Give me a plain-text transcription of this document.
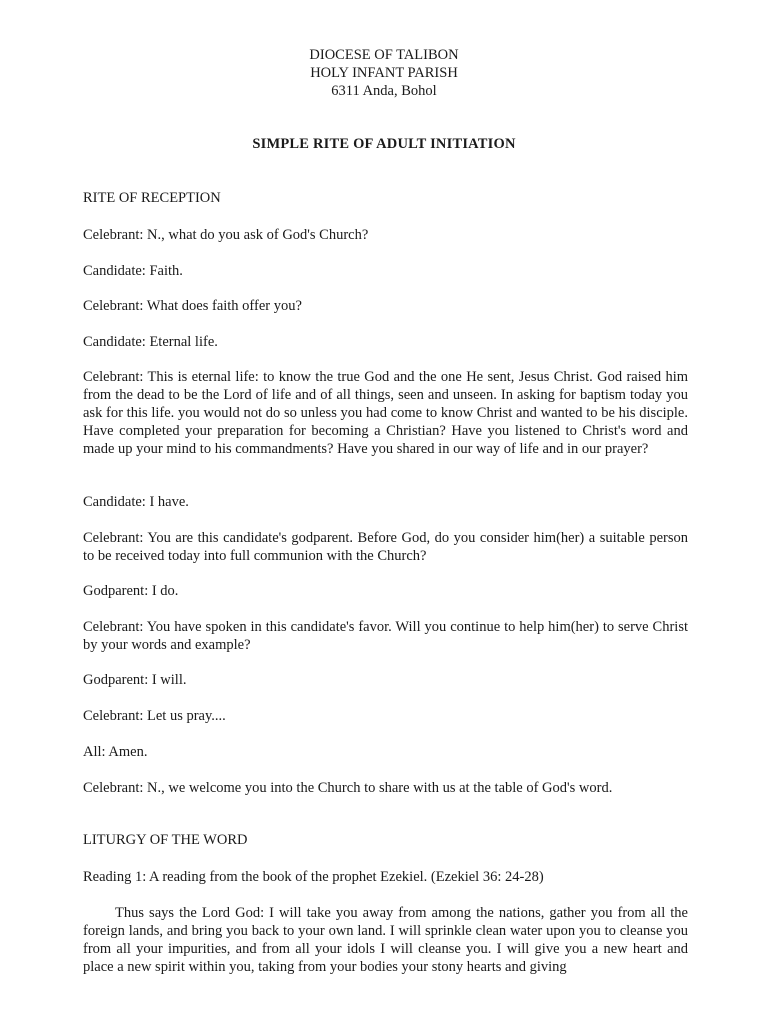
DIOCESE OF TALIBON
HOLY INFANT PARISH
6311 Anda, Bohol
SIMPLE RITE OF ADULT INITIATION
RITE OF RECEPTION

Celebrant: N., what do you ask of God's Church?

Candidate: Faith.

Celebrant: What does faith offer you?

Candidate: Eternal life.

Celebrant: This is eternal life: to know the true God and the one He sent, Jesus Christ. God raised him from the dead to be the Lord of life and of all things, seen and unseen. In asking for baptism today you ask for this life. you would not do so unless you had come to know Christ and wanted to be his disciple. Have completed your preparation for becoming a Christian? Have you listened to Christ's word and made up your mind to his commandments? Have you shared in our way of life and in our prayer?

Candidate: I have.

Celebrant: You are this candidate's godparent. Before God, do you consider him(her) a suitable person to be received today into full communion with the Church?

Godparent: I do.

Celebrant: You have spoken in this candidate's favor. Will you continue to help him(her) to serve Christ by your words and example?

Godparent: I will.

Celebrant: Let us pray....

All: Amen.

Celebrant: N., we welcome you into the Church to share with us at the table of God's word.

LITURGY OF THE WORD

Reading 1: A reading from the book of the prophet Ezekiel. (Ezekiel 36: 24-28)

Thus says the Lord God: I will take you away from among the nations, gather you from all the foreign lands, and bring you back to your own land. I will sprinkle clean water upon you to cleanse you from all your impurities, and from all your idols I will cleanse you. I will give you a new heart and place a new spirit within you, taking from your bodies your stony hearts and giving
